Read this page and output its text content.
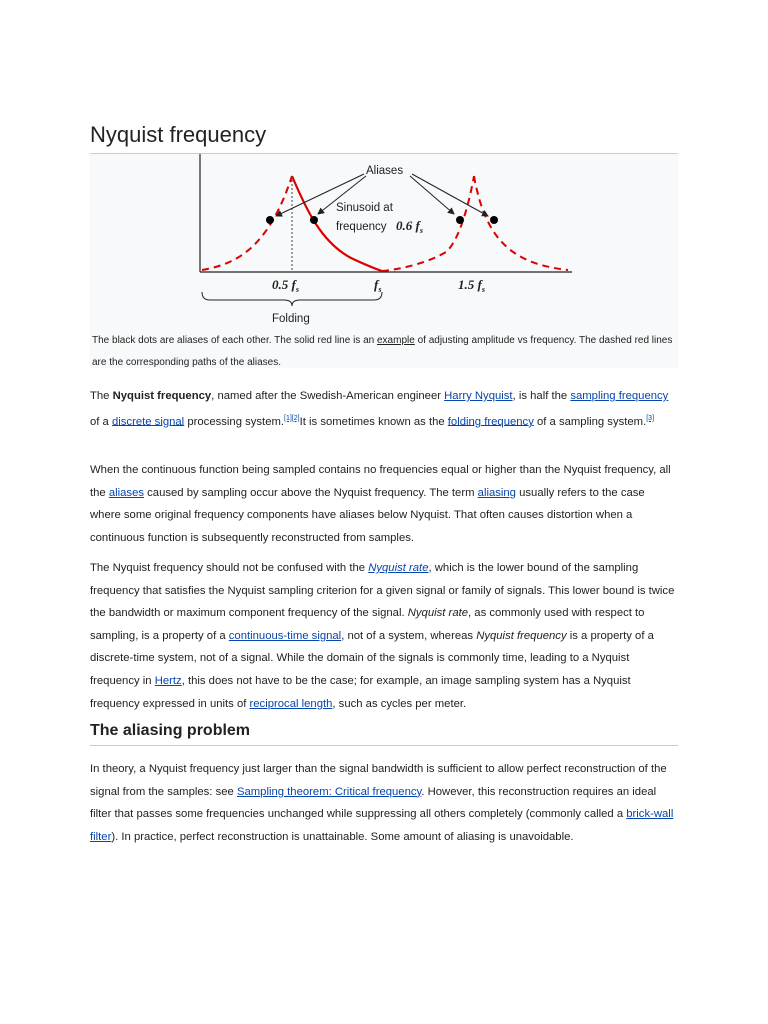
Nyquist frequency
Aliases
Sinusoid at
frequency 0.6 $f_s$
0.5 $f_s$	$f_s$	1.5 $f_s$
Folding
The black dots are aliases of each other. The solid red line is an example of adjusting amplitude vs frequency. The dashed red lines are the corresponding paths of the aliases.

The Nyquist frequency, named after the Swedish-American engineer Harry Nyquist, is half the sampling frequency of a discrete signal processing system.[1][2]It is sometimes known as the folding frequency of a sampling system.[3]

When the continuous function being sampled contains no frequencies equal or higher than the Nyquist frequency, all the aliases caused by sampling occur above the Nyquist frequency. The term aliasing usually refers to the case where some original frequency components have aliases below Nyquist. That often causes distortion when a continuous function is subsequently reconstructed from samples.

The Nyquist frequency should not be confused with the Nyquist rate, which is the lower bound of the sampling frequency that satisfies the Nyquist sampling criterion for a given signal or family of signals. This lower bound is twice the bandwidth or maximum component frequency of the signal. Nyquist rate, as commonly used with respect to sampling, is a property of a continuous-time signal, not of a system, whereas Nyquist frequency is a property of a discrete-time system, not of a signal. While the domain of the signals is commonly time, leading to a Nyquist frequency in Hertz, this does not have to be the case; for example, an image sampling system has a Nyquist frequency expressed in units of reciprocal length, such as cycles per meter.

The aliasing problem

In theory, a Nyquist frequency just larger than the signal bandwidth is sufficient to allow perfect reconstruction of the signal from the samples: see Sampling theorem: Critical frequency. However, this reconstruction requires an ideal filter that passes some frequencies unchanged while suppressing all others completely (commonly called a brick-wall filter). In practice, perfect reconstruction is unattainable. Some amount of aliasing is unavoidable.
